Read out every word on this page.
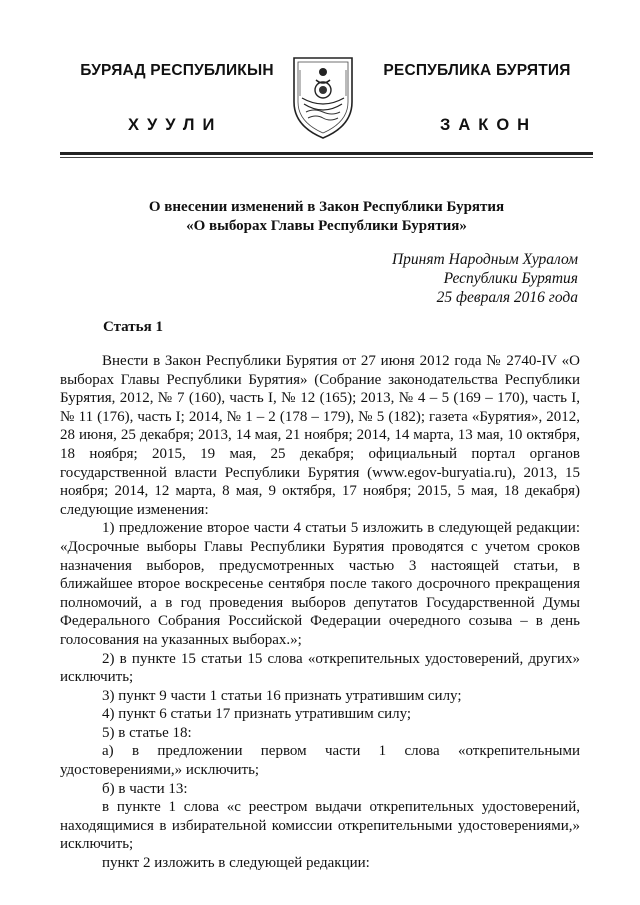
БУРЯАД РЕСПУБЛИКЫН	РЕСПУБЛИКА БУРЯТИЯ
ХУУЛИ	ЗАКОН
О внесении изменений в Закон Республики Бурятия
«О выборах Главы Республики Бурятия»
Принят Народным Хуралом
Республики Бурятия
25 февраля 2016 года
Статья 1

Внести в Закон Республики Бурятия от 27 июня 2012 года № 2740-IV «О выборах Главы Республики Бурятия» (Собрание законодательства Республики Бурятия, 2012, № 7 (160), часть I, № 12 (165); 2013, № 4 – 5 (169 – 170), часть I, № 11 (176), часть I; 2014, № 1 – 2 (178 – 179), № 5 (182); газета «Бурятия», 2012, 28 июня, 25 декабря; 2013, 14 мая, 21 ноября; 2014, 14 марта, 13 мая, 10 октября, 18 ноября; 2015, 19 мая, 25 декабря; официальный портал органов государственной власти Республики Бурятия (www.egov-buryatia.ru), 2013, 15 ноября; 2014, 12 марта, 8 мая, 9 октября, 17 ноября; 2015, 5 мая, 18 декабря) следующие изменения:

1) предложение второе части 4 статьи 5 изложить в следующей редакции: «Досрочные выборы Главы Республики Бурятия проводятся с учетом сроков назначения выборов, предусмотренных частью 3 настоящей статьи, в ближайшее второе воскресенье сентября после такого досрочного прекращения полномочий, а в год проведения выборов депутатов Государственной Думы Федерального Собрания Российской Федерации очередного созыва – в день голосования на указанных выборах.»;

2) в пункте 15 статьи 15 слова «открепительных удостоверений, других» исключить;

3) пункт 9 части 1 статьи 16 признать утратившим силу;

4) пункт 6 статьи 17 признать утратившим силу;

5) в статье 18:

а) в предложении первом части 1 слова «открепительными удостоверениями,» исключить;

б) в части 13:

в пункте 1 слова «с реестром выдачи открепительных удостоверений, находящимися в избирательной комиссии открепительными удостоверениями,» исключить;

пункт 2 изложить в следующей редакции:
